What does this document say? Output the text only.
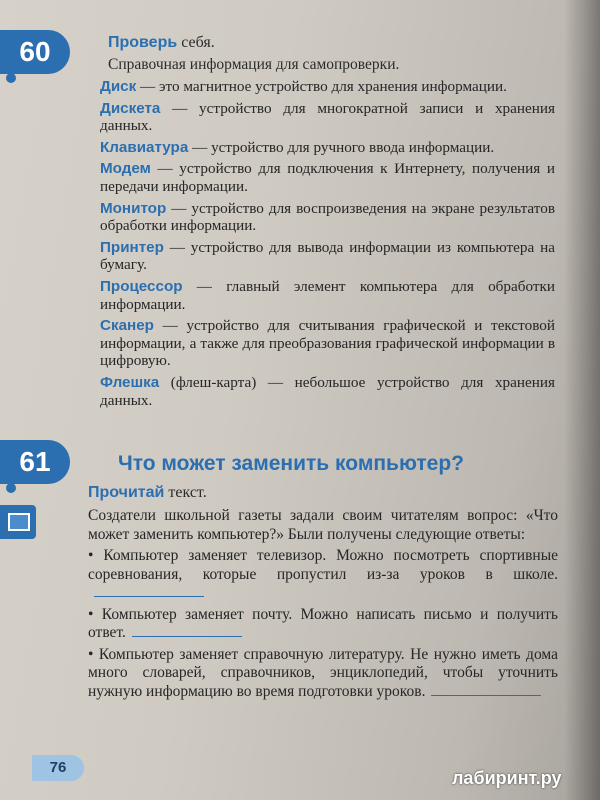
60	Проверь себя.
Справочная информация для самопроверки.
Диск — это магнитное устройство для хранения информации.
Дискета — устройство для многократной записи и хранения данных.
Клавиатура — устройство для ручного ввода информации.
Модем — устройство для подключения к Интернету, получения и передачи информации.
Монитор — устройство для воспроизведения на экране результатов обработки информации.
Принтер — устройство для вывода информации из компьютера на бумагу.
Процессор — главный элемент компьютера для обработки информации.
Сканер — устройство для считывания графической и текстовой информации, а также для преобразования графической информации в цифровую.
Флешка (флеш-карта) — небольшое устройство для хранения данных.
61	Что может заменить компьютер?
Прочитай текст.

Создатели школьной газеты задали своим читателям вопрос: «Что может заменить компьютер?» Были получены следующие ответы:

• Компьютер заменяет телевизор. Можно посмотреть спортивные соревнования, которые пропустил из-за уроков в школе.

• Компьютер заменяет почту. Можно написать письмо и получить ответ.

• Компьютер заменяет справочную литературу. Не нужно иметь дома много словарей, справочников, энциклопедий, чтобы уточнить нужную информацию во время подготовки уроков.

76
лабиринт.ру
